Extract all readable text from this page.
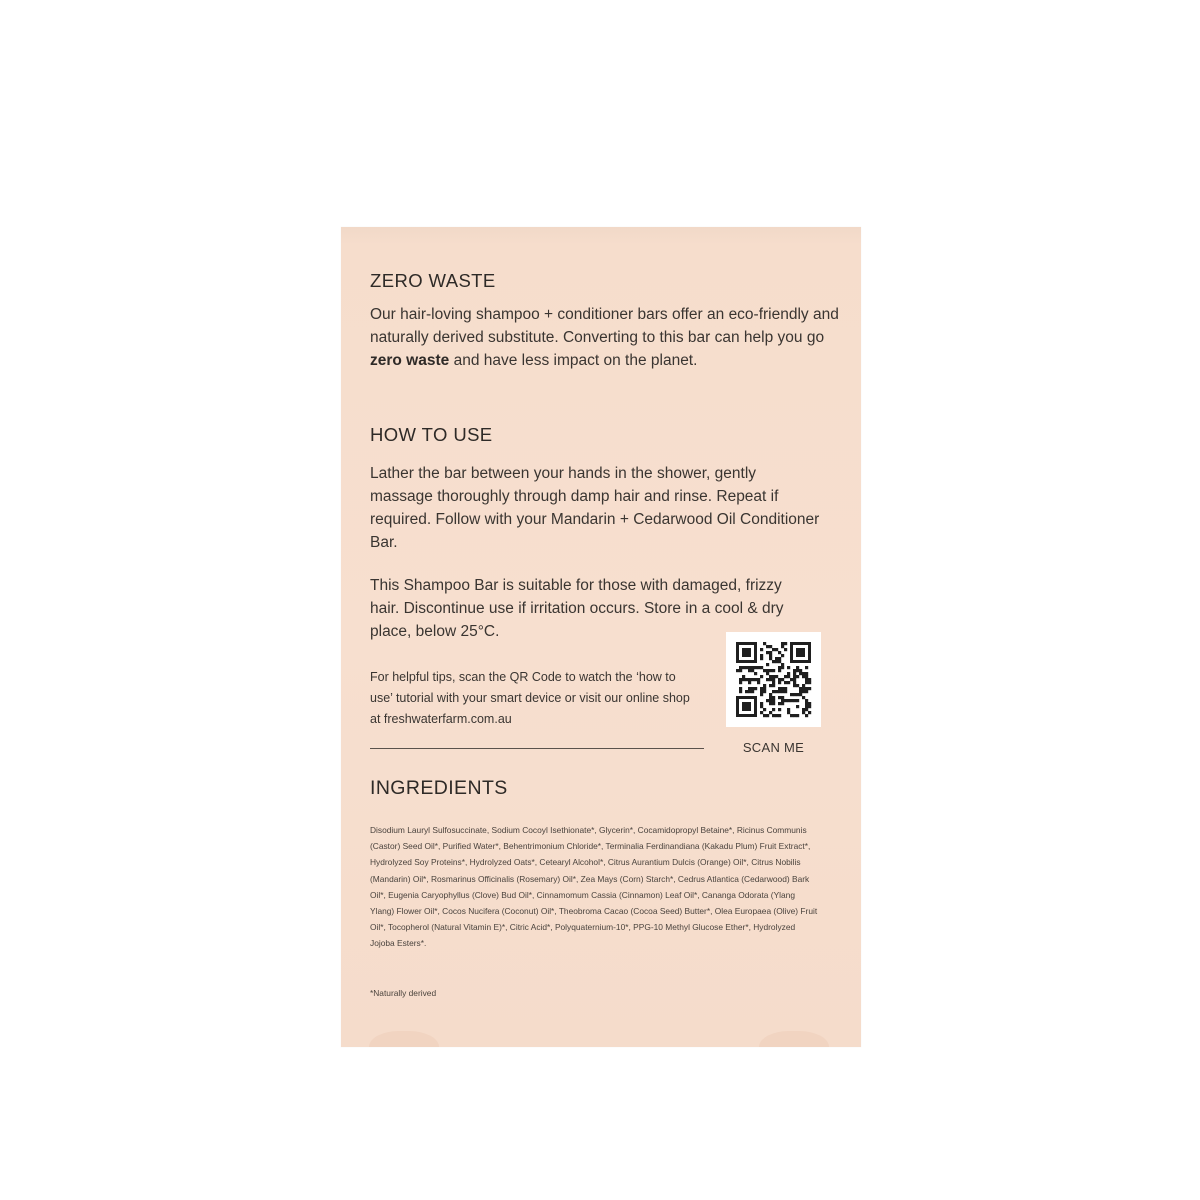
ZERO WASTE

Our hair-loving shampoo + conditioner bars offer an eco-friendly and naturally derived substitute. Converting to this bar can help you go zero waste and have less impact on the planet.

HOW TO USE

Lather the bar between your hands in the shower, gently massage thoroughly through damp hair and rinse. Repeat if required. Follow with your Mandarin + Cedarwood Oil Conditioner Bar.

This Shampoo Bar is suitable for those with damaged, frizzy hair. Discontinue use if irritation occurs. Store in a cool & dry place, below 25°C.

For helpful tips, scan the QR Code to watch the ‘how to use’ tutorial with your smart device or visit our online shop at freshwaterfarm.com.au

SCAN ME

INGREDIENTS

Disodium Lauryl Sulfosuccinate, Sodium Cocoyl Isethionate*, Glycerin*, Cocamidopropyl Betaine*, Ricinus Communis (Castor) Seed Oil*, Purified Water*, Behentrimonium Chloride*, Terminalia Ferdinandiana (Kakadu Plum) Fruit Extract*, Hydrolyzed Soy Proteins*, Hydrolyzed Oats*, Cetearyl Alcohol*, Citrus Aurantium Dulcis (Orange) Oil*, Citrus Nobilis (Mandarin) Oil*, Rosmarinus Officinalis (Rosemary) Oil*, Zea Mays (Corn) Starch*, Cedrus Atlantica (Cedarwood) Bark Oil*, Eugenia Caryophyllus (Clove) Bud Oil*, Cinnamomum Cassia (Cinnamon) Leaf Oil*, Cananga Odorata (Ylang Ylang) Flower Oil*, Cocos Nucifera (Coconut) Oil*, Theobroma Cacao (Cocoa Seed) Butter*, Olea Europaea (Olive) Fruit Oil*, Tocopherol (Natural Vitamin E)*, Citric Acid*, Polyquaternium-10*, PPG-10 Methyl Glucose Ether*, Hydrolyzed Jojoba Esters*.

*Naturally derived
